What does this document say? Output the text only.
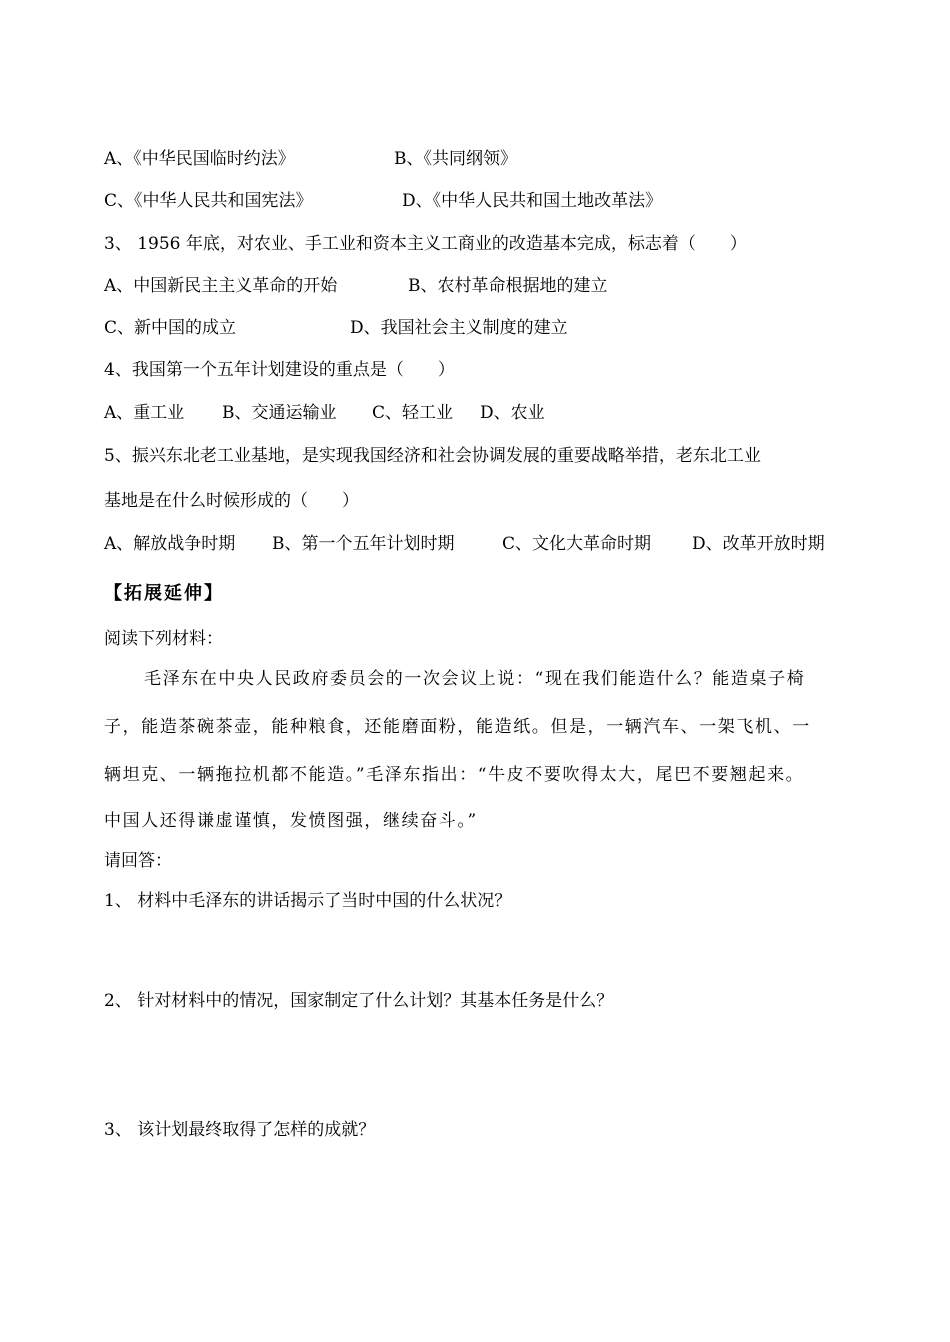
A、《中华民国临时约法》	B、《共同纲领》
C、《中华人民共和国宪法》	D、《中华人民共和国土地改革法》
3、 1956 年底，对农业、手工业和资本主义工商业的改造基本完成，标志着（　　）
A、中国新民主主义革命的开始	B、农村革命根据地的建立
C、新中国的成立	D、我国社会主义制度的建立
4、我国第一个五年计划建设的重点是（　　）
A、重工业 B、交通运输业 C、轻工业 D、农业
5、振兴东北老工业基地，是实现我国经济和社会协调发展的重要战略举措，老东北工业
基地是在什么时候形成的（　　）
A、解放战争时期 B、第一个五年计划时期	C、文化大革命时期 D、改革开放时期
【拓展延伸】
阅读下列材料：
毛泽东在中央人民政府委员会的一次会议上说：“现在我们能造什么？能造桌子椅
子，能造茶碗茶壶，能种粮食，还能磨面粉，能造纸。但是，一辆汽车、一架飞机、一
辆坦克、一辆拖拉机都不能造。”毛泽东指出：“牛皮不要吹得太大，尾巴不要翘起来。
中国人还得谦虚谨慎，发愤图强，继续奋斗。”
请回答：
1、 材料中毛泽东的讲话揭示了当时中国的什么状况？
2、 针对材料中的情况，国家制定了什么计划？其基本任务是什么？
3、 该计划最终取得了怎样的成就？
